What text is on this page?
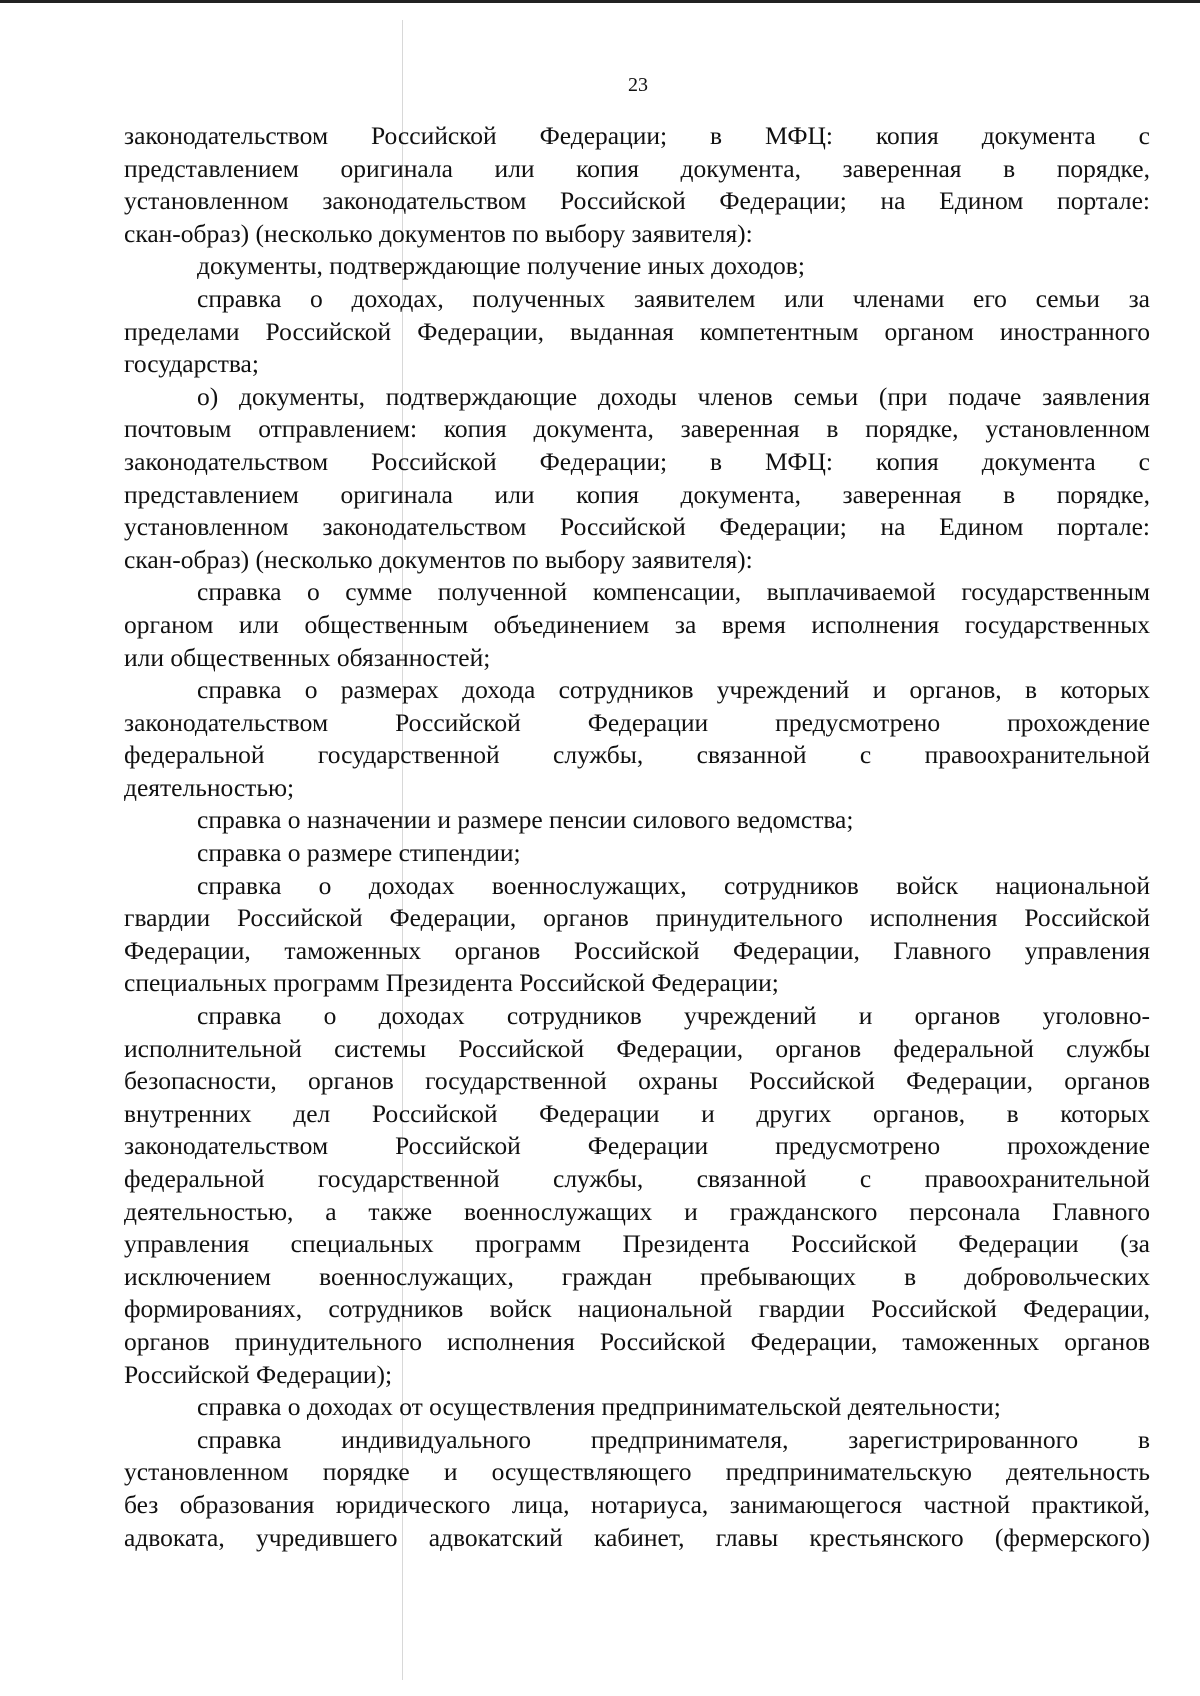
23
законодательством Российской Федерации; в МФЦ: копия документа с
представлением оригинала или копия документа, заверенная в порядке,
установленном законодательством Российской Федерации; на Едином портале:
скан-образ) (несколько документов по выбору заявителя):
документы, подтверждающие получение иных доходов;
справка о доходах, полученных заявителем или членами его семьи за
пределами Российской Федерации, выданная компетентным органом иностранного
государства;
о) документы, подтверждающие доходы членов семьи (при подаче заявления
почтовым отправлением: копия документа, заверенная в порядке, установленном
законодательством Российской Федерации; в МФЦ: копия документа с
представлением оригинала или копия документа, заверенная в порядке,
установленном законодательством Российской Федерации; на Едином портале:
скан-образ) (несколько документов по выбору заявителя):
справка о сумме полученной компенсации, выплачиваемой государственным
органом или общественным объединением за время исполнения государственных
или общественных обязанностей;
справка о размерах дохода сотрудников учреждений и органов, в которых
законодательством Российской Федерации предусмотрено прохождение
федеральной государственной службы, связанной с правоохранительной
деятельностью;
справка о назначении и размере пенсии силового ведомства;
справка о размере стипендии;
справка о доходах военнослужащих, сотрудников войск национальной
гвардии Российской Федерации, органов принудительного исполнения Российской
Федерации, таможенных органов Российской Федерации, Главного управления
специальных программ Президента Российской Федерации;
справка о доходах сотрудников учреждений и органов уголовно-
исполнительной системы Российской Федерации, органов федеральной службы
безопасности, органов государственной охраны Российской Федерации, органов
внутренних дел Российской Федерации и других органов, в которых
законодательством Российской Федерации предусмотрено прохождение
федеральной государственной службы, связанной с правоохранительной
деятельностью, а также военнослужащих и гражданского персонала Главного
управления специальных программ Президента Российской Федерации (за
исключением военнослужащих, граждан пребывающих в добровольческих
формированиях, сотрудников войск национальной гвардии Российской Федерации,
органов принудительного исполнения Российской Федерации, таможенных органов
Российской Федерации);
справка о доходах от осуществления предпринимательской деятельности;
справка индивидуального предпринимателя, зарегистрированного в
установленном порядке и осуществляющего предпринимательскую деятельность
без образования юридического лица, нотариуса, занимающегося частной практикой,
адвоката, учредившего адвокатский кабинет, главы крестьянского (фермерского)
